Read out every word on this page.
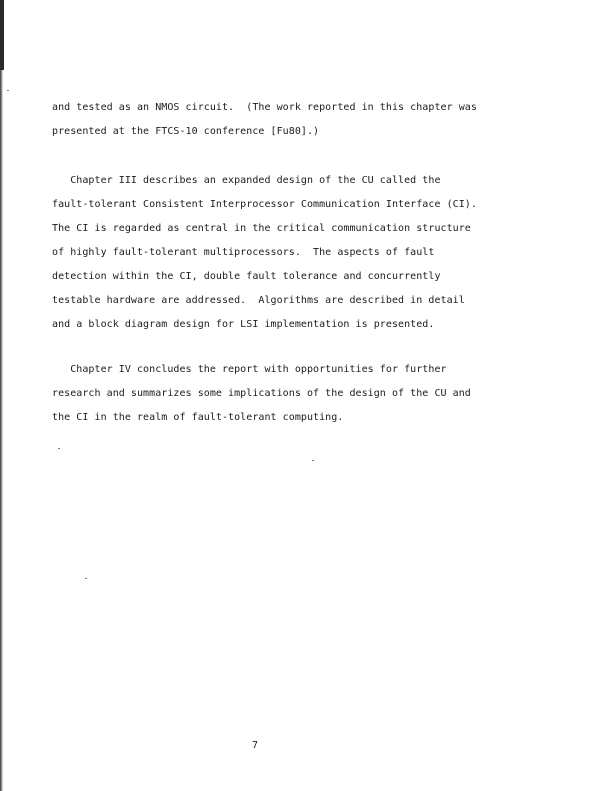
and tested as an NMOS circuit.  (The work reported in this chapter was
presented at the FTCS-10 conference [Fu80].)

Chapter III describes an expanded design of the CU called the
fault-tolerant Consistent Interprocessor Communication Interface (CI).
The CI is regarded as central in the critical communication structure
of highly fault-tolerant multiprocessors.  The aspects of fault
detection within the CI, double fault tolerance and concurrently
testable hardware are addressed.  Algorithms are described in detail
and a block diagram design for LSI implementation is presented.

Chapter IV concludes the report with opportunities for further
research and summarizes some implications of the design of the CU and
the CI in the realm of fault-tolerant computing.

7
